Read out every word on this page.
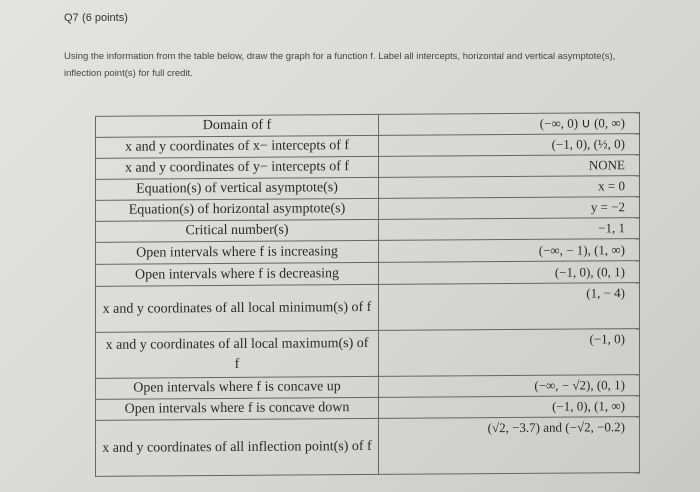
Q7 (6 points)
Using the information from the table below, draw the graph for a function f. Label all intercepts, horizontal and vertical asymptote(s), inflection point(s) for full credit.
Domain of f	(−∞, 0) ∪ (0, ∞)
x and y coordinates of x− intercepts of f	(−1, 0), (½, 0)
x and y coordinates of y− intercepts of f	NONE
Equation(s) of vertical asymptote(s)	x = 0
Equation(s) of horizontal asymptote(s)	y = −2
Critical number(s)	−1, 1
Open intervals where f is increasing	(−∞, − 1), (1, ∞)
Open intervals where f is decreasing	(−1, 0), (0, 1)
x and y coordinates of all local minimum(s) of f	(1, − 4)
x and y coordinates of all local maximum(s) of f	(−1, 0)
Open intervals where f is concave up	(−∞, − √2), (0, 1)
Open intervals where f is concave down	(−1, 0), (1, ∞)
x and y coordinates of all inflection point(s) of f	(√2, −3.7) and (−√2, −0.2)
